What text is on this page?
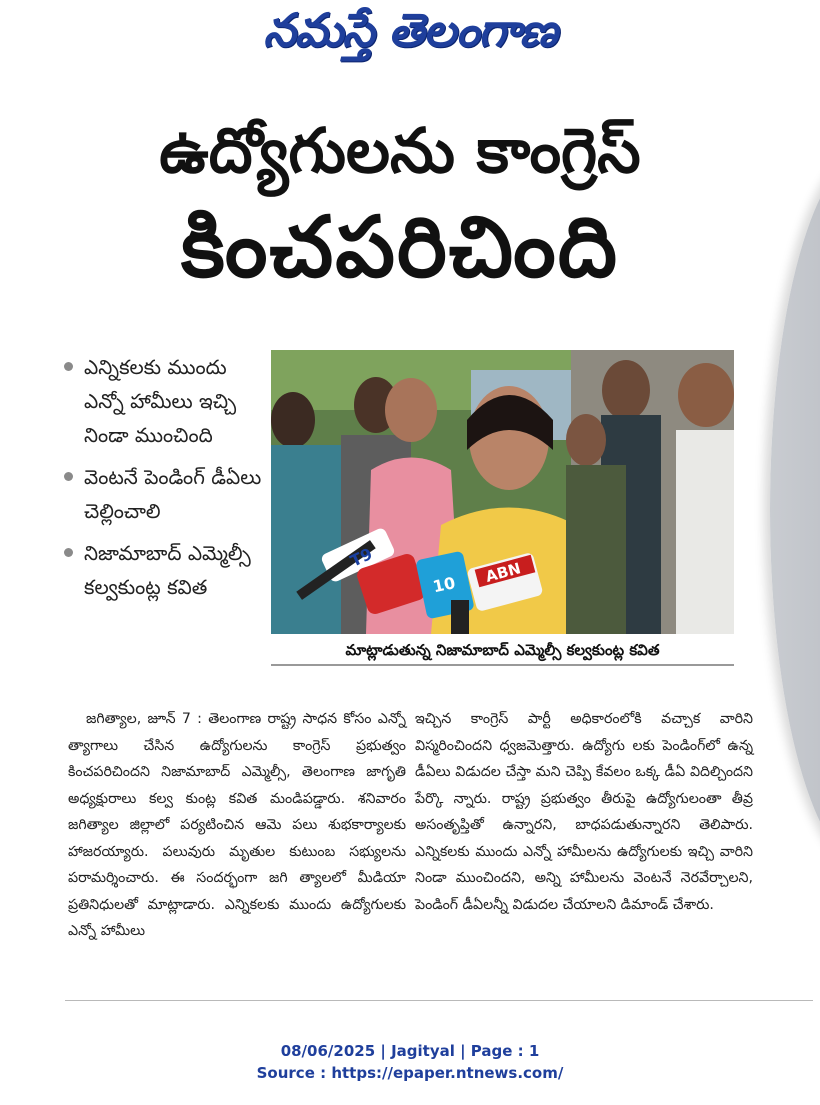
నమస్తే తెలంగాణ
ఉద్యోగులను కాంగ్రెస్
కించపరిచింది
ఎన్నికలకు ముందు ఎన్నో హామీలు ఇచ్చి నిండా ముంచింది
వెంటనే పెండింగ్ డీఏలు చెల్లించాలి
నిజామాబాద్ ఎమ్మెల్సీ కల్వకుంట్ల కవిత
T9
10 ABN
మాట్లాడుతున్న నిజామాబాద్ ఎమ్మెల్సీ కల్వకుంట్ల కవిత

జగిత్యాల, జూన్ 7 : తెలంగాణ రాష్ట్ర సాధన కోసం ఎన్నో త్యాగాలు చేసిన ఉద్యోగులను కాంగ్రెస్ ప్రభుత్వం కించపరిచిందని నిజామాబాద్ ఎమ్మెల్సీ, తెలంగాణ జాగృతి అధ్యక్షురాలు కల్వ కుంట్ల కవిత మండిపడ్డారు. శనివారం జగిత్యాల జిల్లాలో పర్యటించిన ఆమె పలు శుభకార్యాలకు హాజరయ్యారు. పలువురు మృతుల కుటుంబ సభ్యులను పరామర్శించారు. ఈ సందర్భంగా జగి త్యాలలో మీడియా ప్రతినిధులతో మాట్లాడారు. ఎన్నికలకు ముందు ఉద్యోగులకు ఎన్నో హామీలు

ఇచ్చిన కాంగ్రెస్ పార్టీ అధికారంలోకి వచ్చాక వారిని విస్మరించిందని ధ్వజమెత్తారు. ఉద్యోగు లకు పెండింగ్‌లో ఉన్న డీఏలు విడుదల చేస్తా మని చెప్పి కేవలం ఒక్క డీఏ విదిల్చిందని పేర్కొ న్నారు. రాష్ట్ర ప్రభుత్వం తీరుపై ఉద్యోగులంతా తీవ్ర అసంతృప్తితో ఉన్నారని, బాధపడుతున్నారని తెలిపారు. ఎన్నికలకు ముందు ఎన్నో హామీలను ఉద్యోగులకు ఇచ్చి వారిని నిండా ముంచిందని, అన్ని హామీలను వెంటనే నెరవేర్చాలని, పెండింగ్ డీఏలన్నీ విడుదల చేయాలని డిమాండ్ చేశారు.

08/06/2025 | Jagityal | Page : 1
Source : https://epaper.ntnews.com/
